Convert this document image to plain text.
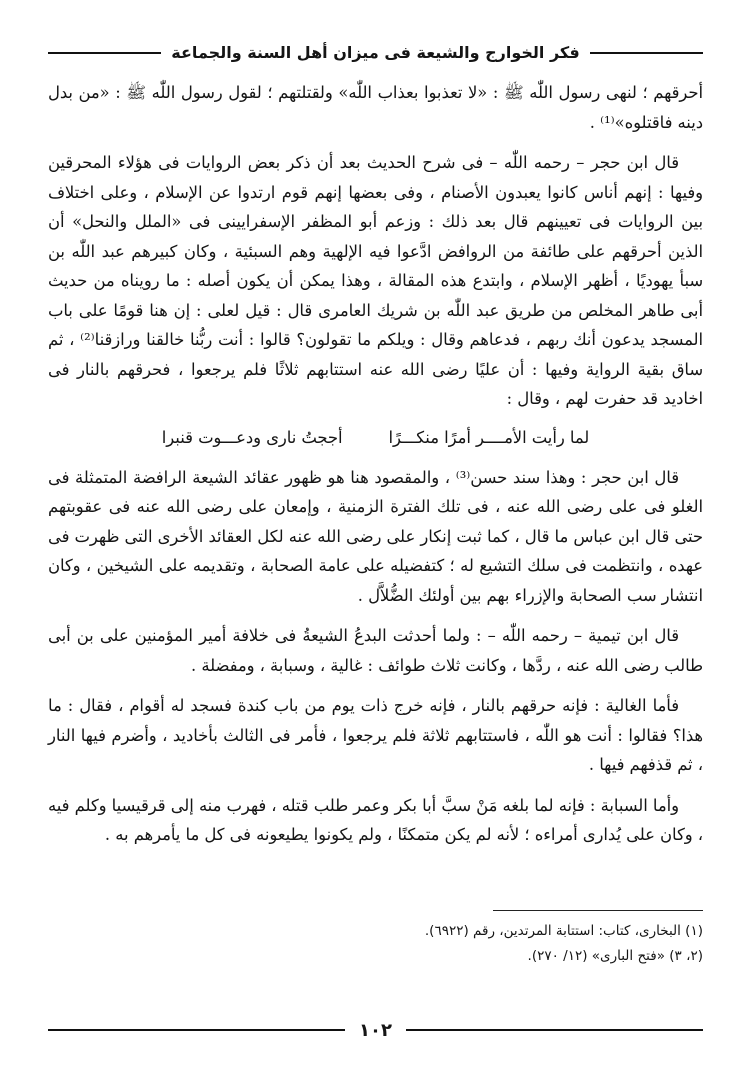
فكر الخوارج والشيعة فى ميزان أهل السنة والجماعة

أحرقهم ؛ لنهى رسول اللّٰه ﷺ : «لا تعذبوا بعذاب اللّٰه» ولقتلتهم ؛ لقول رسول اللّٰه ﷺ : «من بدل دينه فاقتلوه»⁽¹⁾ .

قال ابن حجر – رحمه اللّٰه – فى شرح الحديث بعد أن ذكر بعض الروايات فى هؤلاء المحرقين وفيها : إنهم أناس كانوا يعبدون الأصنام ، وفى بعضها إنهم قوم ارتدوا عن الإسلام ، وعلى اختلاف بين الروايات فى تعيينهم قال بعد ذلك : وزعم أبو المظفر الإسفرايينى فى «الملل والنحل» أن الذين أحرقهم على طائفة من الروافض ادَّعوا فيه الإلهية وهم السبئية ، وكان كبيرهم عبد اللّٰه بن سبأ يهوديًا ، أظهر الإسلام ، وابتدع هذه المقالة ، وهذا يمكن أن يكون أصله : ما رويناه من حديث أبى طاهر المخلص من طريق عبد اللّٰه بن شريك العامرى قال : قيل لعلى : إن هنا قومًا على باب المسجد يدعون أنك ربهم ، فدعاهم وقال : ويلكم ما تقولون؟ قالوا : أنت ربُّنا خالقنا ورازقنا⁽²⁾ ، ثم ساق بقية الرواية وفيها : أن عليًا رضى الله عنه استتابهم ثلاثًا فلم يرجعوا ، فحرقهم بالنار فى اخاديد قد حفرت لهم ، وقال :

لما رأيت الأمــــر أمرًا منكـــرًا
أججتُ نارى ودعـــوت قنبرا

قال ابن حجر : وهذا سند حسن⁽³⁾ ، والمقصود هنا هو ظهور عقائد الشيعة الرافضة المتمثلة فى الغلو فى على رضى الله عنه ، فى تلك الفترة الزمنية ، وإمعان على رضى الله عنه فى عقوبتهم حتى قال ابن عباس ما قال ، كما ثبت إنكار على رضى الله عنه لكل العقائد الأخرى التى ظهرت فى عهده ، وانتظمت فى سلك التشيع له ؛ كتفضيله على عامة الصحابة ، وتقديمه على الشيخين ، وكان انتشار سب الصحابة والإزراء بهم بين أولئك الضُّلاَّل .

قال ابن تيمية – رحمه اللّٰه – : ولما أحدثت البدعُ الشيعةُ فى خلافة أمير المؤمنين على بن أبى طالب رضى الله عنه ، ردَّها ، وكانت ثلاث طوائف : غالية ، وسبابة ، ومفضلة .

فأما الغالية : فإنه حرقهم بالنار ، فإنه خرج ذات يوم من باب كندة فسجد له أقوام ، فقال : ما هذا؟ فقالوا : أنت هو اللّٰه ، فاستتابهم ثلاثة فلم يرجعوا ، فأمر فى الثالث بأخاديد ، وأضرم فيها النار ، ثم قذفهم فيها .

وأما السبابة : فإنه لما بلغه مَنْ سبَّ أبا بكر وعمر طلب قتله ، فهرب منه إلى قرقيسيا وكلم فيه ، وكان على يُدارى أمراءه ؛ لأنه لم يكن متمكنًا ، ولم يكونوا يطيعونه فى كل ما يأمرهم به .

(١) البخارى، كتاب: استتابة المرتدين، رقم (٦٩٢٢).
(٢، ٣) «فتح البارى» (١٢/ ٢٧٠).
١٠٢
